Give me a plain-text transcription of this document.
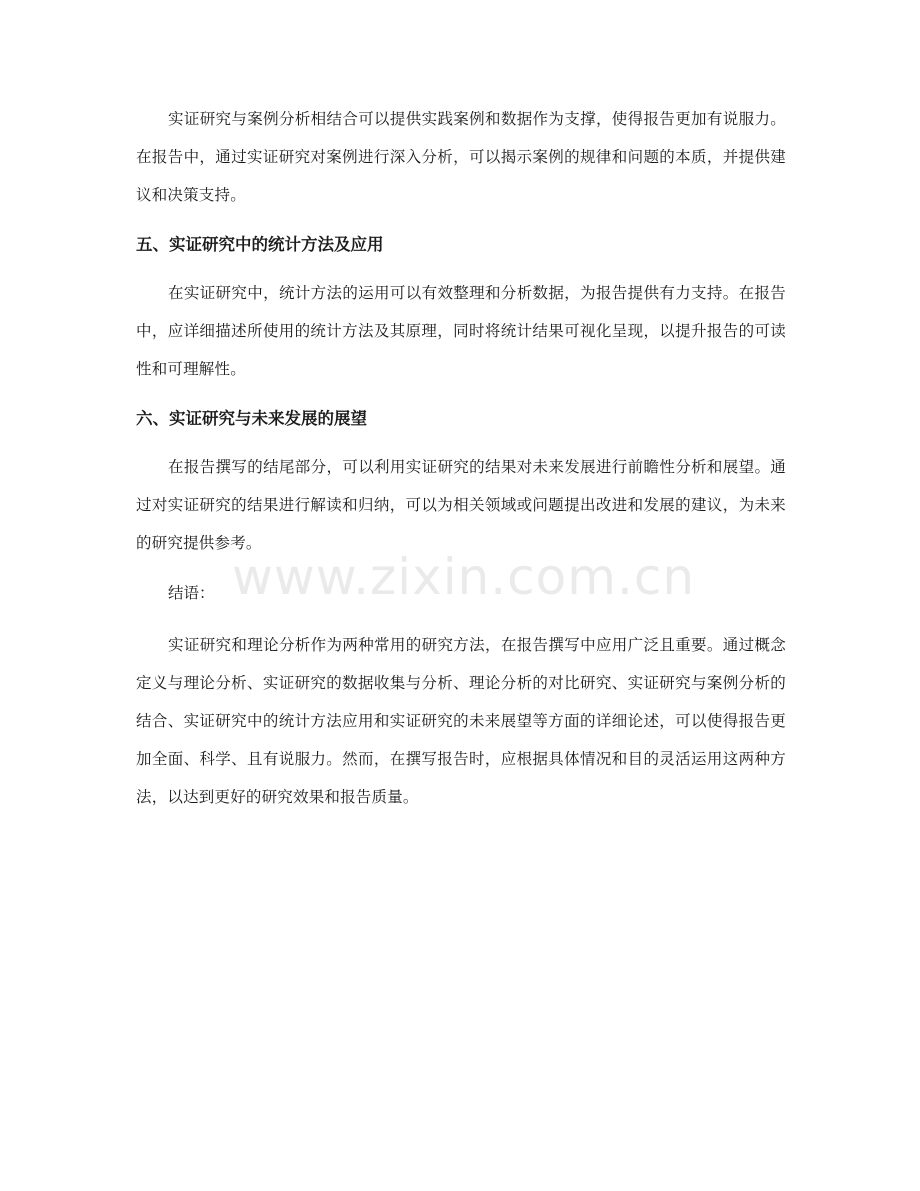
实证研究与案例分析相结合可以提供实践案例和数据作为支撑，使得报告更加有说服力。在报告中，通过实证研究对案例进行深入分析，可以揭示案例的规律和问题的本质，并提供建议和决策支持。

五、实证研究中的统计方法及应用

在实证研究中，统计方法的运用可以有效整理和分析数据，为报告提供有力支持。在报告中，应详细描述所使用的统计方法及其原理，同时将统计结果可视化呈现，以提升报告的可读性和可理解性。

六、实证研究与未来发展的展望

在报告撰写的结尾部分，可以利用实证研究的结果对未来发展进行前瞻性分析和展望。通过对实证研究的结果进行解读和归纳，可以为相关领域或问题提出改进和发展的建议，为未来的研究提供参考。

结语：

实证研究和理论分析作为两种常用的研究方法，在报告撰写中应用广泛且重要。通过概念定义与理论分析、实证研究的数据收集与分析、理论分析的对比研究、实证研究与案例分析的结合、实证研究中的统计方法应用和实证研究的未来展望等方面的详细论述，可以使得报告更加全面、科学、且有说服力。然而，在撰写报告时，应根据具体情况和目的灵活运用这两种方法，以达到更好的研究效果和报告质量。

www.zixin.com.cn
